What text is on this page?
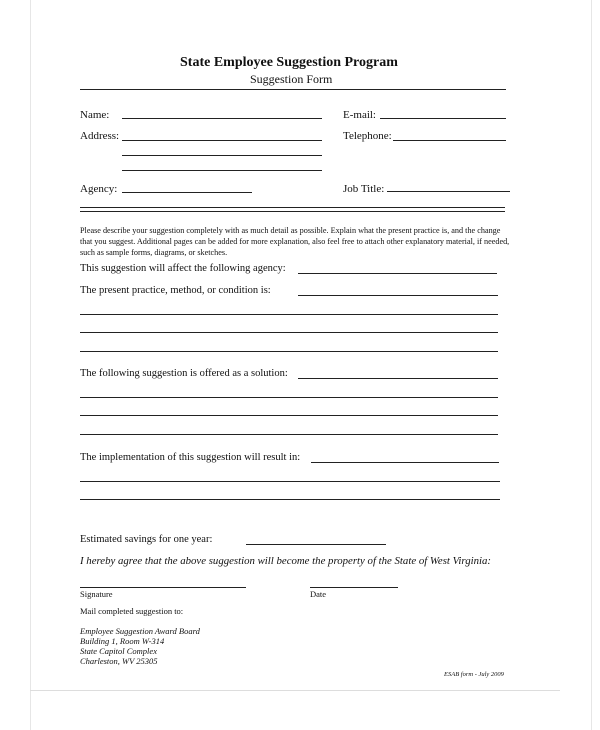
State Employee Suggestion Program
Suggestion Form
Name:	E-mail:
Address:	Telephone:
Agency:	Job Title:
Please describe your suggestion completely with as much detail as possible. Explain what the present practice is, and the change that you suggest. Additional pages can be added for more explanation, also feel free to attach other explanatory material, if needed, such as sample forms, diagrams, or sketches.
This suggestion will affect the following agency:
The present practice, method, or condition is:
The following suggestion is offered as a solution:
The implementation of this suggestion will result in:
Estimated savings for one year:
I hereby agree that the above suggestion will become the property of the State of West Virginia:
Signature	Date
Mail completed suggestion to:
Employee Suggestion Award Board
Building 1, Room W-314
State Capitol Complex
Charleston, WV 25305
ESAB form - July 2009
